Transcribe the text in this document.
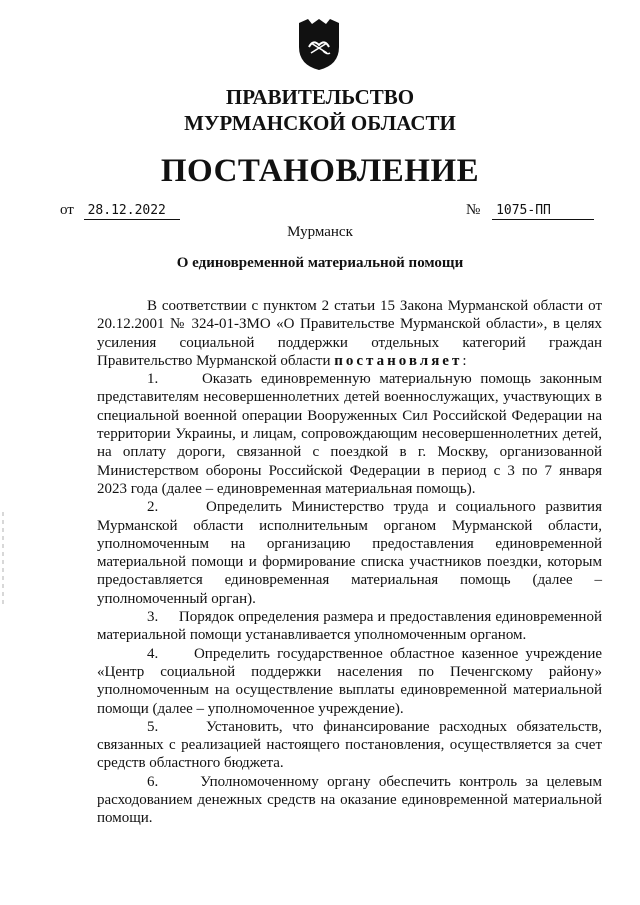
ПРАВИТЕЛЬСТВО
МУРМАНСКОЙ ОБЛАСТИ
ПОСТАНОВЛЕНИЕ
от 28.12.2022	№ 1075-ПП
Мурманск
О единовременной материальной помощи

В соответствии с пунктом 2 статьи 15 Закона Мурманской области от 20.12.2001 № 324-01-ЗМО «О Правительстве Мурманской области», в целях усиления социальной поддержки отдельных категорий граждан Правительство Мурманской области постановляет:

1.     Оказать единовременную материальную помощь законным представителям несовершеннолетних детей военнослужащих, участвующих в специальной военной операции Вооруженных Сил Российской Федерации на территории Украины, и лицам, сопровождающим несовершеннолетних детей, на оплату дороги, связанной с поездкой в г. Москву, организованной Министерством обороны Российской Федерации в период с 3 по 7 января 2023 года (далее – единовременная материальная помощь).

2.     Определить Министерство труда и социального развития Мурманской области исполнительным органом Мурманской области, уполномоченным на организацию предоставления единовременной материальной помощи и формирование списка участников поездки, которым предоставляется единовременная материальная помощь (далее – уполномоченный орган).

3.     Порядок определения размера и предоставления единовременной материальной помощи устанавливается уполномоченным органом.

4.     Определить государственное областное казенное учреждение «Центр социальной поддержки населения по Печенгскому району» уполномоченным на осуществление выплаты единовременной материальной помощи (далее – уполномоченное учреждение).

5.     Установить, что финансирование расходных обязательств, связанных с реализацией настоящего постановления, осуществляется за счет средств областного бюджета.

6.     Уполномоченному органу обеспечить контроль за целевым расходованием денежных средств на оказание единовременной материальной помощи.
